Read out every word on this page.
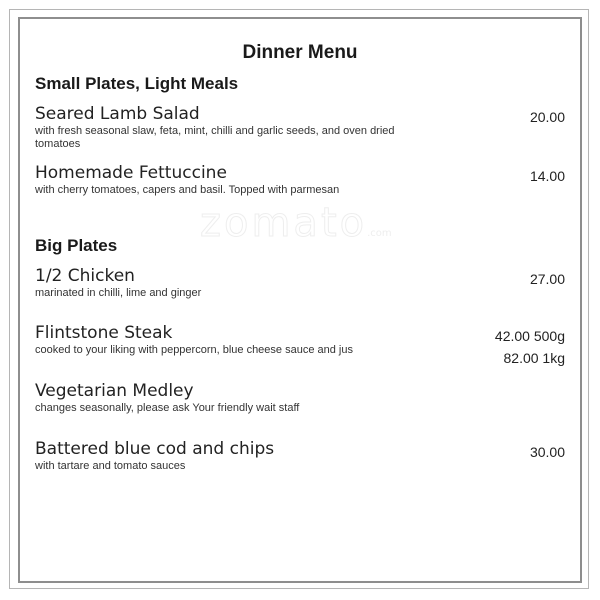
zomato.com
Dinner Menu
Small Plates, Light Meals
Seared Lamb Salad
with fresh seasonal slaw, feta, mint, chilli and garlic seeds, and oven dried tomatoes
20.00
Homemade Fettuccine
with cherry tomatoes, capers and basil. Topped with parmesan
14.00
Big Plates
1/2 Chicken
marinated in chilli, lime and ginger
27.00
Flintstone Steak
cooked to your liking with peppercorn, blue cheese sauce and jus
42.00 500g
82.00 1kg
Vegetarian Medley
changes seasonally, please ask Your friendly wait staff
Battered blue cod and chips
with tartare and tomato sauces
30.00
